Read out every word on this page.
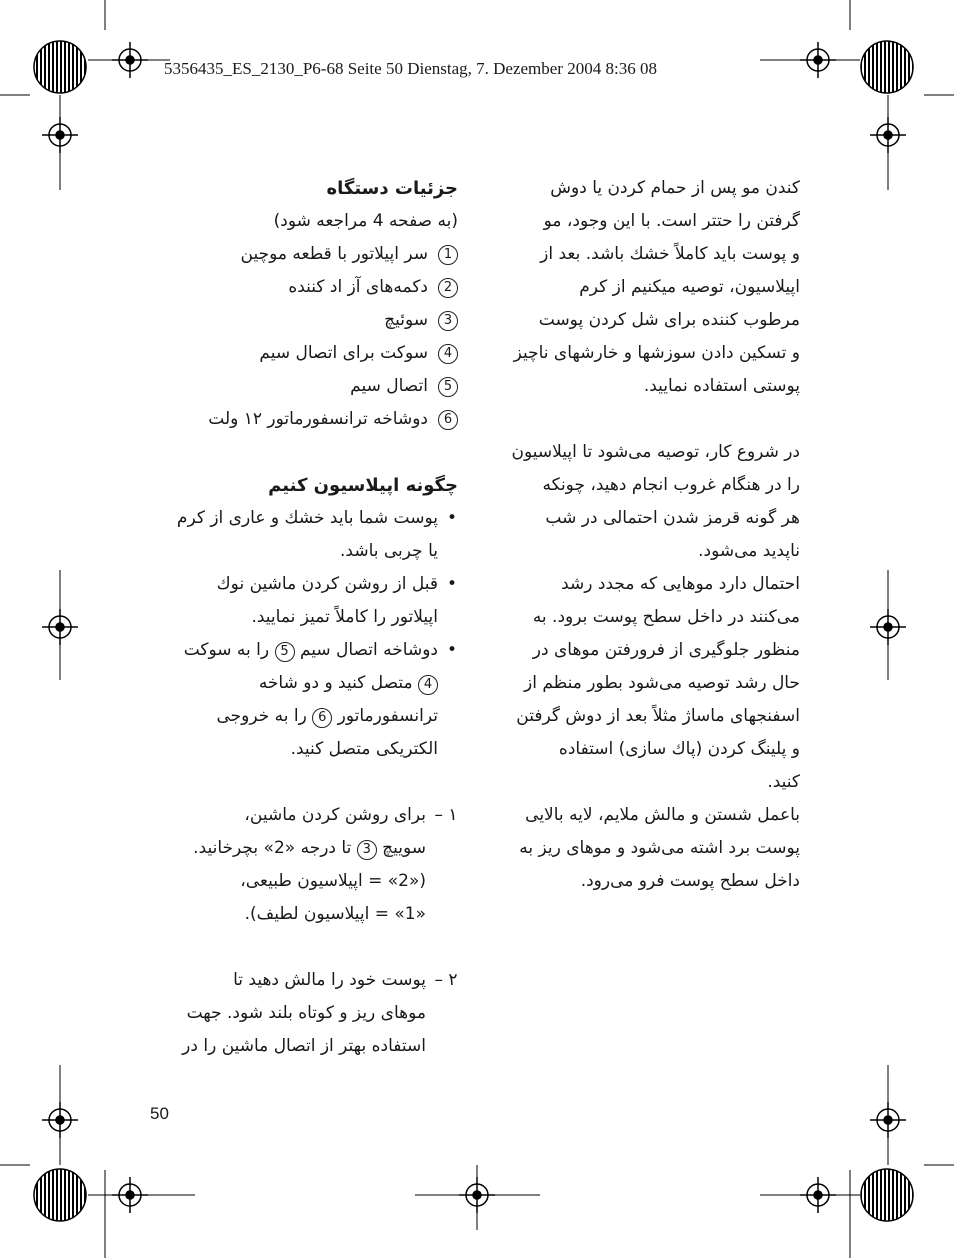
5356435_ES_2130_P6-68 Seite 50 Dienstag, 7. Dezember 2004 8:36 08

کندن مو پس از حمام کردن یا دوش

گرفتن را حتتر است. با این وجود، مو

و پوست باید کاملاً خشك باشد. بعد از

اپیلاسیون، توصیه میکنیم از کرم

مرطوب کننده برای شل کردن پوست

و تسکین دادن سوزشها و خارشهای ناچیز

پوستی استفاده نمایید.

در شروع کار، توصیه می‌شود تا اپیلاسیون

را در هنگام غروب انجام دهید، چونکه

هر گونه قرمز شدن احتمالی در شب

ناپدید می‌شود.

احتمال دارد موهایی که مجدد رشد

می‌کنند در داخل سطح پوست برود. به

منظور جلوگیری از فرورفتن موهای در

حال رشد توصیه می‌شود بطور منظم از

اسفنجهای ماساژ مثلاً بعد از دوش گرفتن

و پلینگ کردن (پاك سازی) استفاده

کنید.

باعمل شستن و مالش ملایم، لایه بالایی

پوست برد اشته می‌شود و موهای ریز به

داخل سطح پوست فرو می‌رود.

جزئیات دستگاه

(به صفحه 4 مراجعه شود)

1
سر اپیلاتور با قطعه موچین
2
دکمه‌های آز اد کننده
3
سوئیچ
4
سوکت برای اتصال سیم
5
اتصال سیم
6
دوشاخه ترانسفورماتور ۱۲ ولت

چگونه اپیلاسیون کنیم

•
پوست شما باید خشك و عاری از کرم
یا چربی باشد.
•
قبل از روشن کردن ماشین نوك
اپیلاتور را کاملاً تمیز نمایید.
•
دوشاخه اتصال سیم 5 را به سوکت
4 متصل کنید و دو شاخه
ترانسفورماتور 6 را به خروجی
الکتریکی متصل کنید.
۱ –
برای روشن کردن ماشین،
سوییچ 3 تا درجه «2» بچرخانید.
(«2» = اپیلاسیون طبیعی،
«1» = اپیلاسیون لطیف).
۲ –
پوست خود را مالش دهید تا
موهای ریز و کوتاه بلند شود. جهت
استفاده بهتر از اتصال ماشین را در
50
